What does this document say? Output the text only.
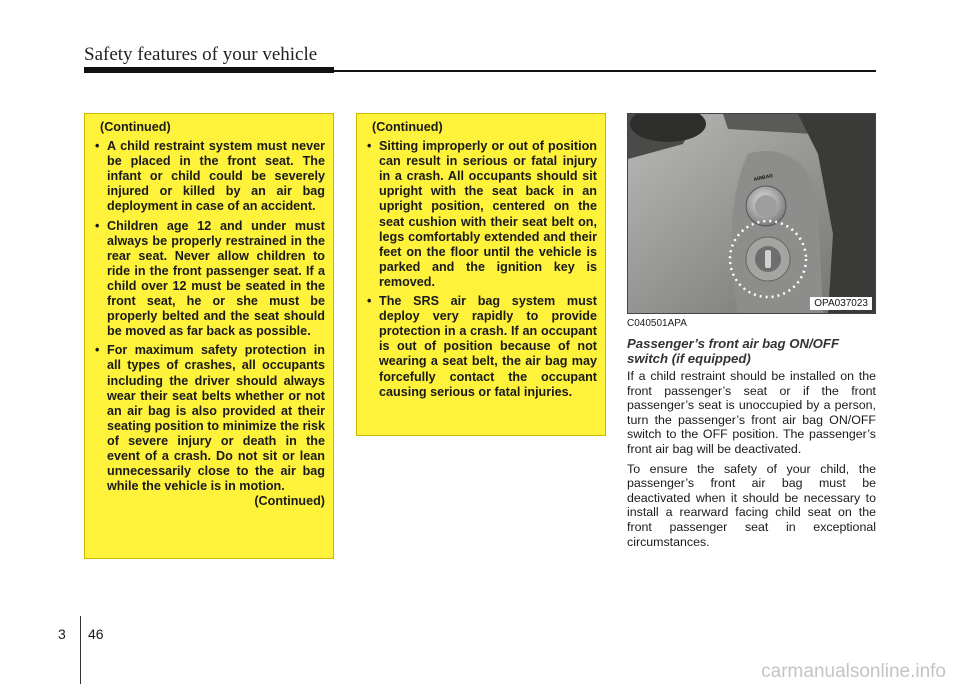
Safety features of your vehicle
(Continued)
• A child restraint system must never be placed in the front seat. The infant or child could be severely injured or killed by an air bag deployment in case of an accident.
• Children age 12 and under must always be properly restrained in the rear seat. Never allow children to ride in the front passenger seat. If a child over 12 must be seated in the front seat, he or she must be properly belted and the seat should be moved as far back as possible.
• For maximum safety protection in all types of crashes, all occupants including the driver should always wear their seat belts whether or not an air bag is also provided at their seating position to minimize the risk of severe injury or death in the event of a crash. Do not sit or lean unnecessarily close to the air bag while the vehicle is in motion.
(Continued)
(Continued)
• Sitting improperly or out of position can result in serious or fatal injury in a crash. All occupants should sit upright with the seat back in an upright position, centered on the seat cushion with their seat belt on, legs comfortably extended and their feet on the floor until the vehicle is parked and the ignition key is removed.
• The SRS air bag system must deploy very rapidly to provide protection in a crash. If an occupant is out of position because of not wearing a seat belt, the air bag may forcefully contact the occupant causing serious or fatal injuries.
AIRBAG
OPA037023

C040501APA

Passenger’s front air bag ON/OFF switch (if equipped)

If a child restraint should be installed on the front passenger’s seat or if the front passenger’s seat is unoccupied by a person, turn the passenger’s front air bag ON/OFF switch to the OFF position. The passenger’s front air bag will be deactivated.

To ensure the safety of your child, the passenger’s front air bag must be deactivated when it should be necessary to install a rearward facing child seat on the front passenger seat in exceptional circumstances.

3 46
carmanualsonline.info
